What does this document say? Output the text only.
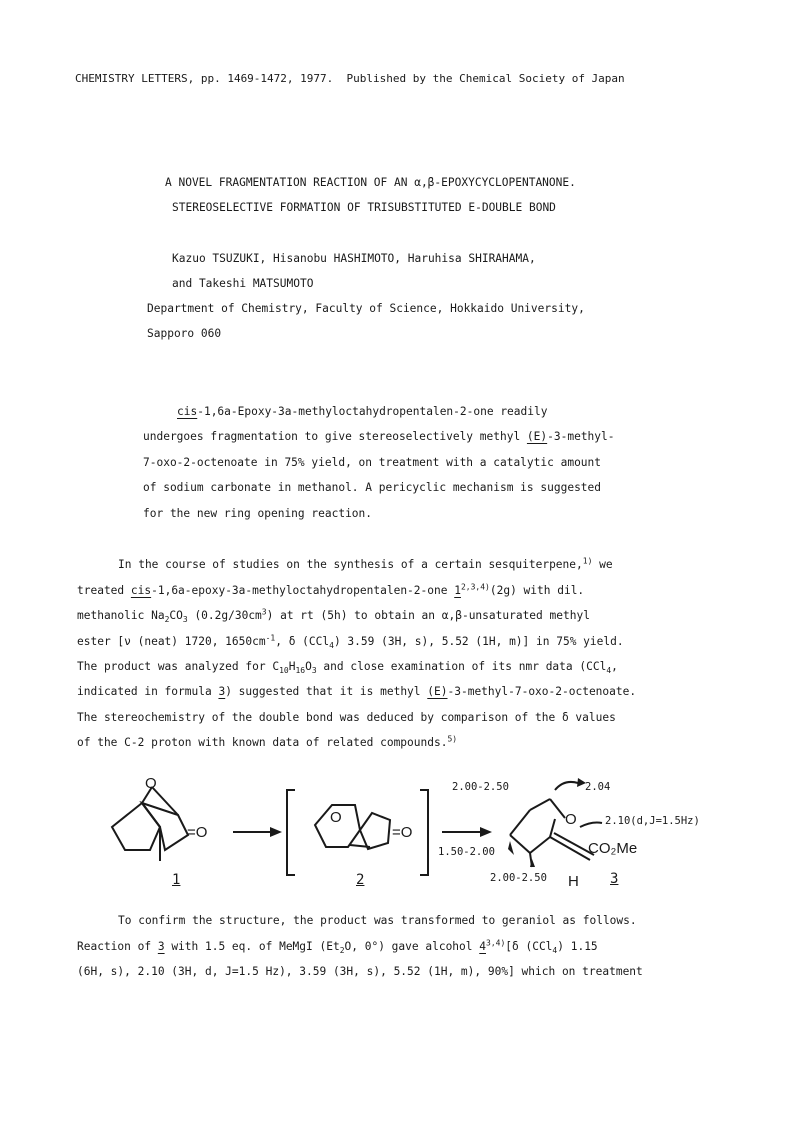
CHEMISTRY LETTERS, pp. 1469-1472, 1977.  Published by the Chemical Society of Japan
A NOVEL FRAGMENTATION REACTION OF AN α,β-EPOXYCYCLOPENTANONE.
STEREOSELECTIVE FORMATION OF TRISUBSTITUTED E-DOUBLE BOND
Kazuo TSUZUKI, Hisanobu HASHIMOTO, Haruhisa SHIRAHAMA,
and Takeshi MATSUMOTO
Department of Chemistry, Faculty of Science, Hokkaido University,
Sapporo 060
cis-1,6a-Epoxy-3a-methyloctahydropentalen-2-one readily
undergoes fragmentation to give stereoselectively methyl (E)-3-methyl-
7-oxo-2-octenoate in 75% yield, on treatment with a catalytic amount
of sodium carbonate in methanol. A pericyclic mechanism is suggested
for the new ring opening reaction.
In the course of studies on the synthesis of a certain sesquiterpene,$^{1)}$ we
treated cis-1,6a-epoxy-3a-methyloctahydropentalen-2-one 1$^{2,3,4)}$(2g) with dil.
methanolic $Na_2CO_3$ $(0.2g/30cm^3)$ at rt (5h) to obtain an α,β-unsaturated methyl
ester [ν (neat) 1720, $1650cm^{-1}$, δ (CCl$_4$) 3.59 (3H, s), 5.52 (1H, m)] in 75% yield.
The product was analyzed for $C_{10}H_{16}O_3$ and close examination of its nmr data (CCl$_4$,
indicated in formula 3) suggested that it is methyl (E)-3-methyl-7-oxo-2-octenoate.
The stereochemistry of the double bond was deduced by comparison of the δ values
of the C-2 proton with known data of related compounds.$^{5)}$
O
=O
1
O
=O
2
2.00-2.50	2.04
O	2.10(d,J=1.5Hz)
1.50-2.00	CO₂Me
2.00-2.50 H 3
To confirm the structure, the product was transformed to geraniol as follows.
Reaction of 3 with 1.5 eq. of MeMgI ($Et_2O$, 0°) gave alcohol 4$^{3,4)}$[δ (CCl$_4$) 1.15
(6H, s), 2.10 (3H, d, J=1.5 Hz), 3.59 (3H, s), 5.52 (1H, m), 90%] which on treatment
